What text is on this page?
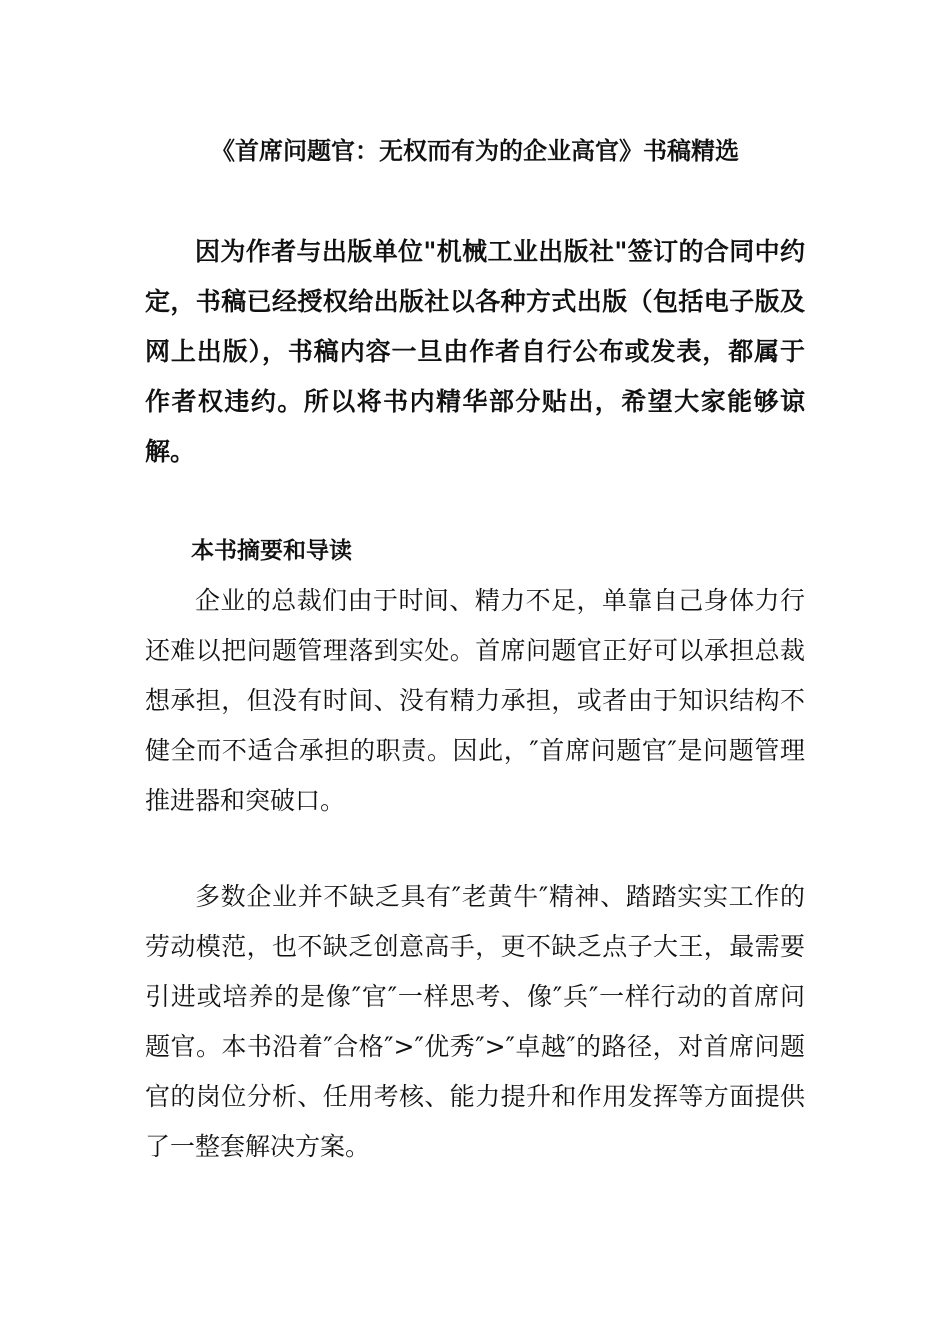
《首席问题官：无权而有为的企业高官》书稿精选

因为作者与出版单位"机械工业出版社"签订的合同中约定，书稿已经授权给出版社以各种方式出版（包括电子版及网上出版），书稿内容一旦由作者自行公布或发表，都属于作者权违约。所以将书内精华部分贴出，希望大家能够谅解。

本书摘要和导读

企业的总裁们由于时间、精力不足，单靠自己身体力行还难以把问题管理落到实处。首席问题官正好可以承担总裁想承担，但没有时间、没有精力承担，或者由于知识结构不健全而不适合承担的职责。因此，″首席问题官″是问题管理推进器和突破口。

多数企业并不缺乏具有″老黄牛″精神、踏踏实实工作的劳动模范，也不缺乏创意高手，更不缺乏点子大王，最需要引进或培养的是像″官″一样思考、像″兵″一样行动的首席问题官。本书沿着″合格″>″优秀″>″卓越″的路径，对首席问题官的岗位分析、任用考核、能力提升和作用发挥等方面提供了一整套解决方案。
